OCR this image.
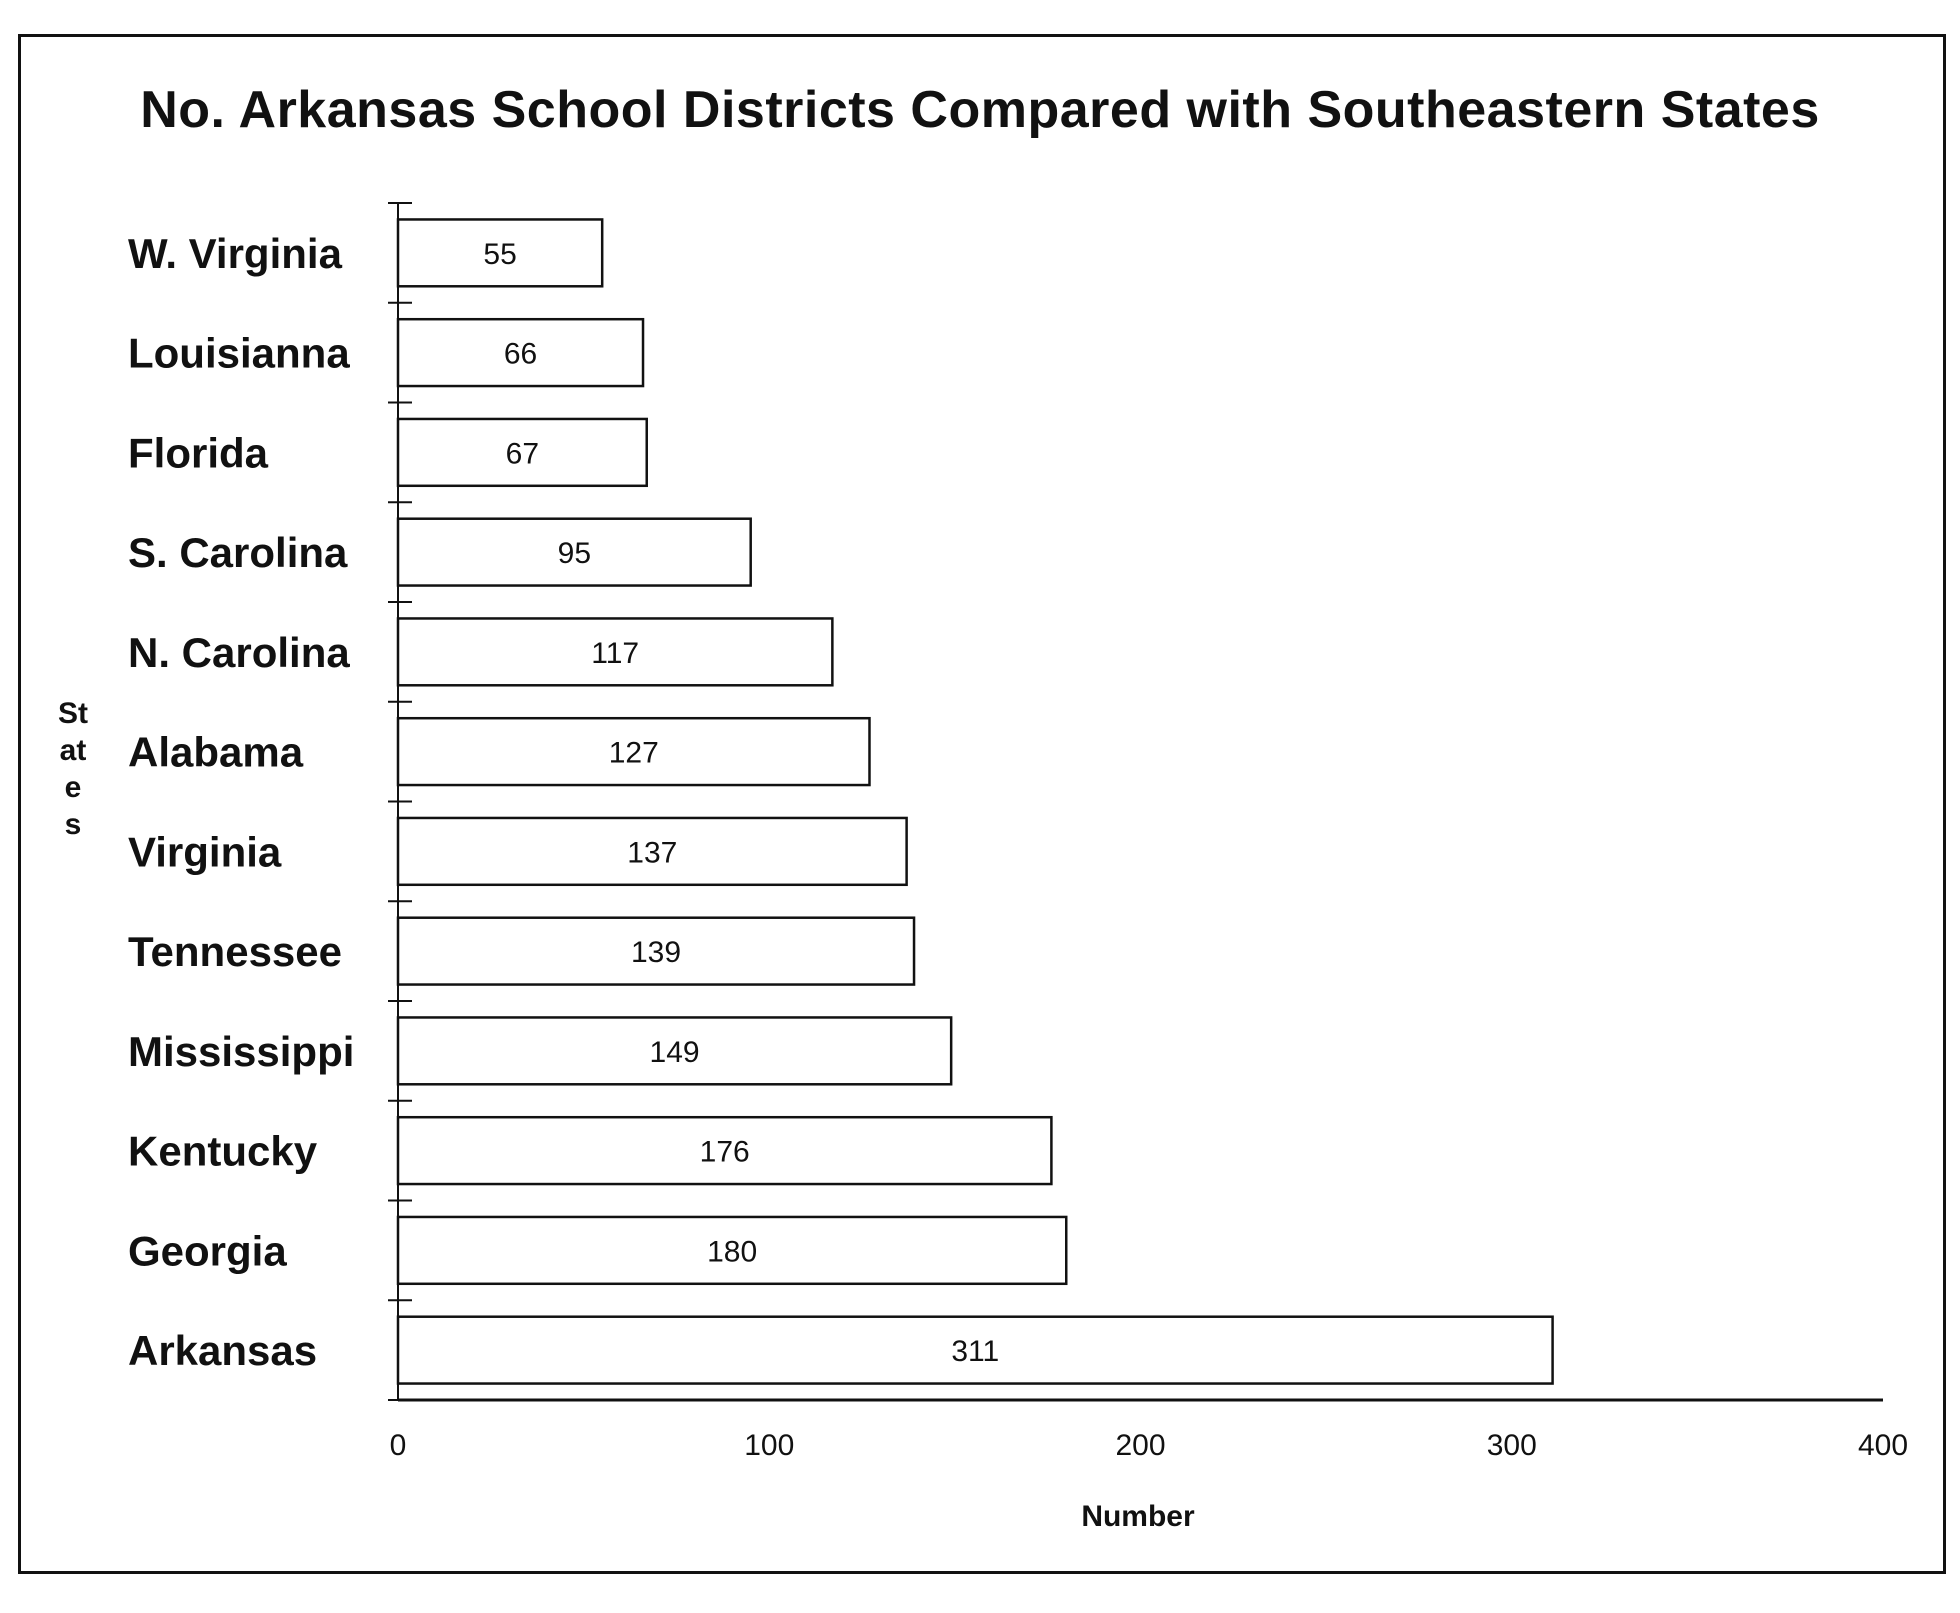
No. Arkansas School Districts Compared with Southeastern States
States
Number
0	100	200	300	400
55
W. Virginia
66
Louisianna
67
Florida
95
S. Carolina
117
N. Carolina
127
Alabama
137
Virginia
139
Tennessee
149
Mississippi
176
Kentucky
180
Georgia
311
Arkansas
